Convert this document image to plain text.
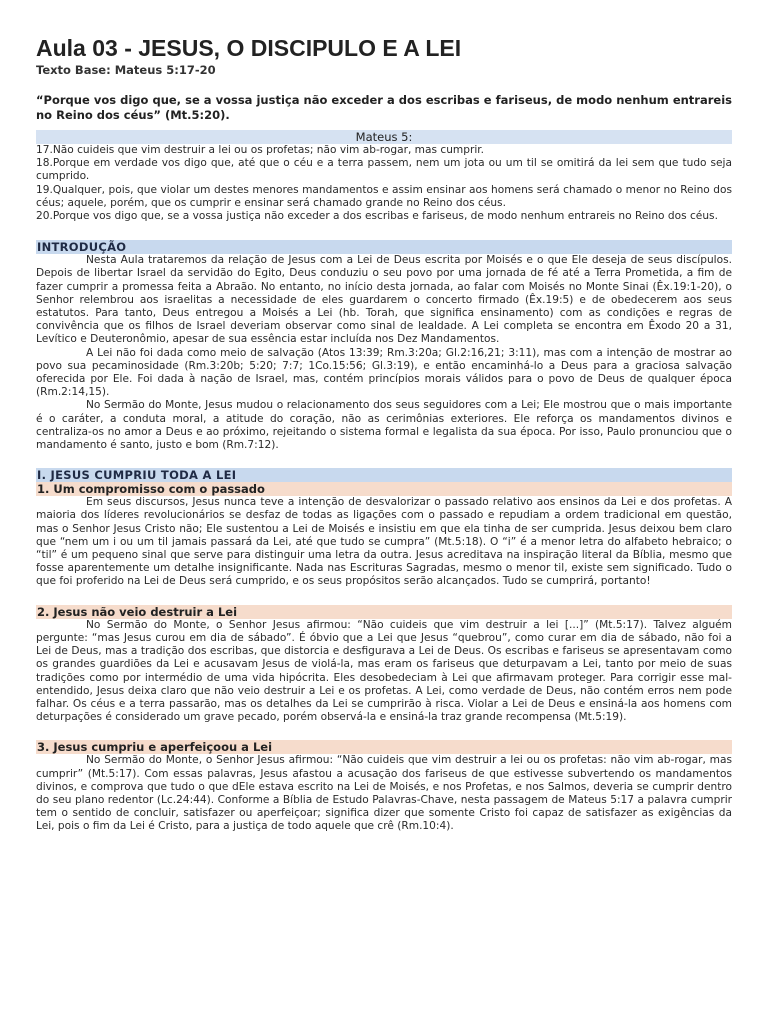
Aula 03 - JESUS, O DISCIPULO E A LEI
Texto Base: Mateus 5:17-20
“Porque vos digo que, se a vossa justiça não exceder a dos escribas e fariseus, de modo nenhum entrareis no Reino dos céus” (Mt.5:20).
Mateus 5:

17.Não cuideis que vim destruir a lei ou os profetas; não vim ab-rogar, mas cumprir.

18.Porque em verdade vos digo que, até que o céu e a terra passem, nem um jota ou um til se omitirá da lei sem que tudo seja cumprido.

19.Qualquer, pois, que violar um destes menores mandamentos e assim ensinar aos homens será chamado o menor no Reino dos céus; aquele, porém, que os cumprir e ensinar será chamado grande no Reino dos céus.

20.Porque vos digo que, se a vossa justiça não exceder a dos escribas e fariseus, de modo nenhum entrareis no Reino dos céus.

INTRODUÇÃO

Nesta Aula trataremos da relação de Jesus com a Lei de Deus escrita por Moisés e o que Ele deseja de seus discípulos. Depois de libertar Israel da servidão do Egito, Deus conduziu o seu povo por uma jornada de fé até a Terra Prometida, a fim de fazer cumprir a promessa feita a Abraão. No entanto, no início desta jornada, ao falar com Moisés no Monte Sinai (Êx.19:1-20), o Senhor relembrou aos israelitas a necessidade de eles guardarem o concerto firmado (Êx.19:5) e de obedecerem aos seus estatutos. Para tanto, Deus entregou a Moisés a Lei (hb. Torah, que significa ensinamento) com as condições e regras de convivência que os filhos de Israel deveriam observar como sinal de lealdade. A Lei completa se encontra em Êxodo 20 a 31, Levítico e Deuteronômio, apesar de sua essência estar incluída nos Dez Mandamentos.

A Lei não foi dada como meio de salvação (Atos 13:39; Rm.3:20a; Gl.2:16,21; 3:11), mas com a intenção de mostrar ao povo sua pecaminosidade (Rm.3:20b; 5:20; 7:7; 1Co.15:56; Gl.3:19), e então encaminhá-lo a Deus para a graciosa salvação oferecida por Ele. Foi dada à nação de Israel, mas, contém princípios morais válidos para o povo de Deus de qualquer época (Rm.2:14,15).

No Sermão do Monte, Jesus mudou o relacionamento dos seus seguidores com a Lei; Ele mostrou que o mais importante é o caráter, a conduta moral, a atitude do coração, não as cerimônias exteriores. Ele reforça os mandamentos divinos e centraliza-os no amor a Deus e ao próximo, rejeitando o sistema formal e legalista da sua época. Por isso, Paulo pronunciou que o mandamento é santo, justo e bom (Rm.7:12).

I. JESUS CUMPRIU TODA A LEI
1. Um compromisso com o passado

Em seus discursos, Jesus nunca teve a intenção de desvalorizar o passado relativo aos ensinos da Lei e dos profetas. A maioria dos líderes revolucionários se desfaz de todas as ligações com o passado e repudiam a ordem tradicional em questão, mas o Senhor Jesus Cristo não; Ele sustentou a Lei de Moisés e insistiu em que ela tinha de ser cumprida. Jesus deixou bem claro que “nem um i ou um til jamais passará da Lei, até que tudo se cumpra” (Mt.5:18). O “i” é a menor letra do alfabeto hebraico; o “til” é um pequeno sinal que serve para distinguir uma letra da outra. Jesus acreditava na inspiração literal da Bíblia, mesmo que fosse aparentemente um detalhe insignificante. Nada nas Escrituras Sagradas, mesmo o menor til, existe sem significado. Tudo o que foi proferido na Lei de Deus será cumprido, e os seus propósitos serão alcançados. Tudo se cumprirá, portanto!

2. Jesus não veio destruir a Lei

No Sermão do Monte, o Senhor Jesus afirmou: “Não cuideis que vim destruir a lei [...]” (Mt.5:17). Talvez alguém pergunte: “mas Jesus curou em dia de sábado”. É óbvio que a Lei que Jesus “quebrou”, como curar em dia de sábado, não foi a Lei de Deus, mas a tradição dos escribas, que distorcia e desfigurava a Lei de Deus. Os escribas e fariseus se apresentavam como os grandes guardiões da Lei e acusavam Jesus de violá-la, mas eram os fariseus que deturpavam a Lei, tanto por meio de suas tradições como por intermédio de uma vida hipócrita. Eles desobedeciam à Lei que afirmavam proteger. Para corrigir esse mal-entendido, Jesus deixa claro que não veio destruir a Lei e os profetas. A Lei, como verdade de Deus, não contém erros nem pode falhar. Os céus e a terra passarão, mas os detalhes da Lei se cumprirão à risca. Violar a Lei de Deus e ensiná-la aos homens com deturpações é considerado um grave pecado, porém observá-la e ensiná-la traz grande recompensa (Mt.5:19).

3. Jesus cumpriu e aperfeiçoou a Lei

No Sermão do Monte, o Senhor Jesus afirmou: “Não cuideis que vim destruir a lei ou os profetas: não vim ab-rogar, mas cumprir” (Mt.5:17). Com essas palavras, Jesus afastou a acusação dos fariseus de que estivesse subvertendo os mandamentos divinos, e comprova que tudo o que dEle estava escrito na Lei de Moisés, e nos Profetas, e nos Salmos, deveria se cumprir dentro do seu plano redentor (Lc.24:44). Conforme a Bíblia de Estudo Palavras-Chave, nesta passagem de Mateus 5:17 a palavra cumprir tem o sentido de concluir, satisfazer ou aperfeiçoar; significa dizer que somente Cristo foi capaz de satisfazer as exigências da Lei, pois o fim da Lei é Cristo, para a justiça de todo aquele que crê (Rm.10:4).
